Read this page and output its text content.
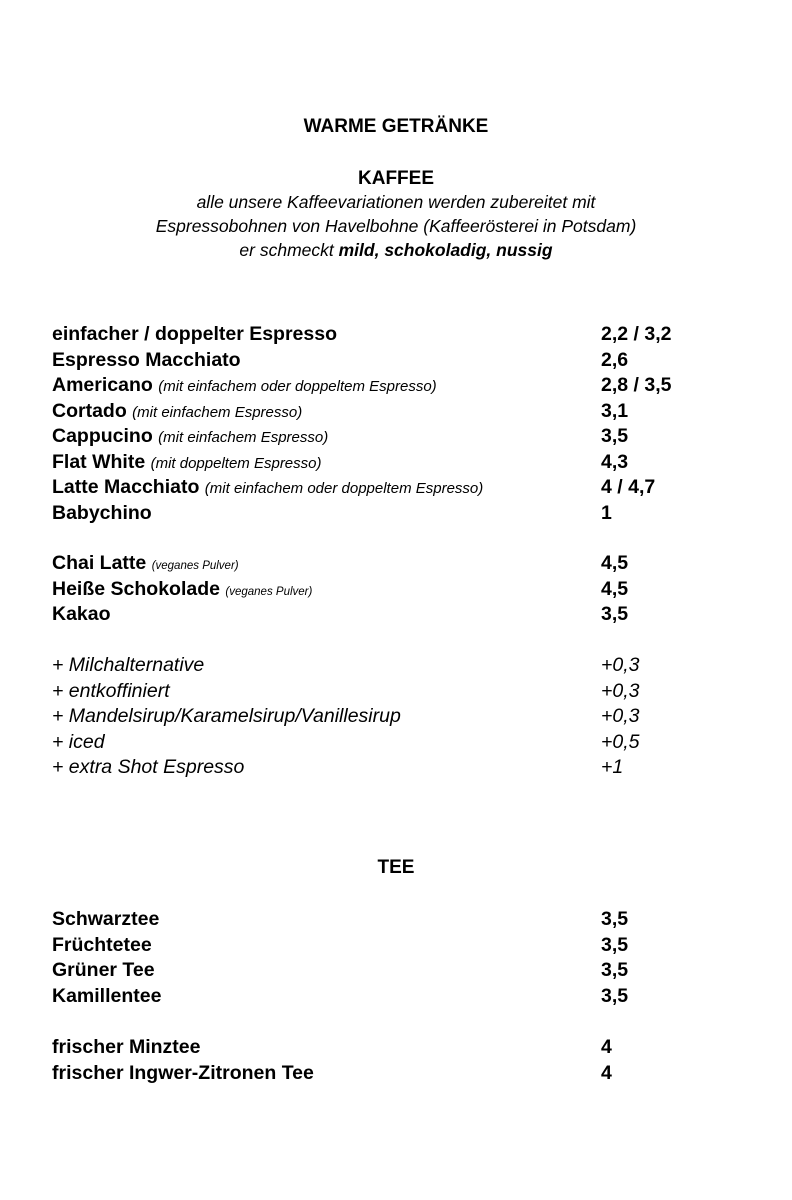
WARME GETRÄNKE
KAFFEE
alle unsere Kaffeevariationen werden zubereitet mit
Espressobohnen von Havelbohne (Kaffeerösterei in Potsdam)
er schmeckt mild, schokoladig, nussig
einfacher / doppelter Espresso	2,2 / 3,2
Espresso Macchiato	2,6
Americano (mit einfachem oder doppeltem Espresso)	2,8 / 3,5
Cortado (mit einfachem Espresso)	3,1
Cappucino (mit einfachem Espresso)	3,5
Flat White (mit doppeltem Espresso)	4,3
Latte Macchiato (mit einfachem oder doppeltem Espresso)	4 / 4,7
Babychino	1
Chai Latte (veganes Pulver)	4,5
Heiße Schokolade (veganes Pulver)	4,5
Kakao	3,5
+ Milchalternative	+0,3
+ entkoffiniert	+0,3
+ Mandelsirup/Karamelsirup/Vanillesirup	+0,3
+ iced	+0,5
+ extra Shot Espresso	+1
TEE
Schwarztee	3,5
Früchtetee	3,5
Grüner Tee	3,5
Kamillentee	3,5
frischer Minztee	4
frischer Ingwer-Zitronen Tee	4
